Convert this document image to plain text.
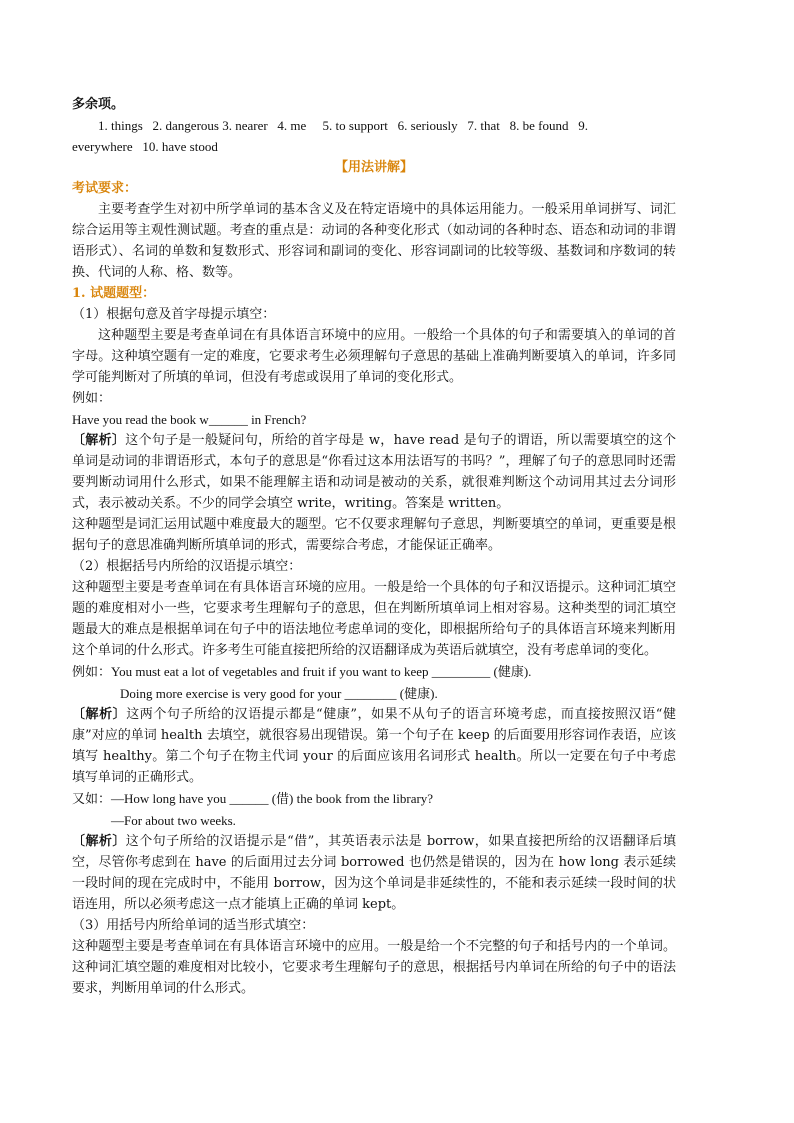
多余项。

1. things   2. dangerous 3. nearer   4. me     5. to support   6. seriously   7. that   8. be found   9.

everywhere   10. have stood

【用法讲解】

考试要求：

主要考查学生对初中所学单词的基本含义及在特定语境中的具体运用能力。一般采用单词拼写、词汇综合运用等主观性测试题。考查的重点是：动词的各种变化形式（如动词的各种时态、语态和动词的非谓语形式）、名词的单数和复数形式、形容词和副词的变化、形容词副词的比较等级、基数词和序数词的转换、代词的人称、格、数等。

1. 试题题型：

（1）根据句意及首字母提示填空：

这种题型主要是考查单词在有具体语言环境中的应用。一般给一个具体的句子和需要填入的单词的首字母。这种填空题有一定的难度，它要求考生必须理解句子意思的基础上准确判断要填入的单词，许多同学可能判断对了所填的单词，但没有考虑或误用了单词的变化形式。

例如：

Have you read the book w______ in French?

〔解析〕这个句子是一般疑问句，所给的首字母是 w，have read 是句子的谓语，所以需要填空的这个单词是动词的非谓语形式，本句子的意思是“你看过这本用法语写的书吗？”，理解了句子的意思同时还需要判断动词用什么形式，如果不能理解主语和动词是被动的关系，就很难判断这个动词用其过去分词形式，表示被动关系。不少的同学会填空 write，writing。答案是 written。

这种题型是词汇运用试题中难度最大的题型。它不仅要求理解句子意思，判断要填空的单词，更重要是根据句子的意思准确判断所填单词的形式，需要综合考虑，才能保证正确率。

（2）根据括号内所给的汉语提示填空：

这种题型主要是考查单词在有具体语言环境的应用。一般是给一个具体的句子和汉语提示。这种词汇填空题的难度相对小一些，它要求考生理解句子的意思，但在判断所填单词上相对容易。这种类型的词汇填空题最大的难点是根据单词在句子中的语法地位考虑单词的变化，即根据所给句子的具体语言环境来判断用这个单词的什么形式。许多考生可能直接把所给的汉语翻译成为英语后就填空，没有考虑单词的变化。

例如：You must eat a lot of vegetables and fruit if you want to keep _________ (健康).

Doing more exercise is very good for your ________ (健康).

〔解析〕这两个句子所给的汉语提示都是“健康”，如果不从句子的语言环境考虑，而直接按照汉语“健康”对应的单词 health 去填空，就很容易出现错误。第一个句子在 keep 的后面要用形容词作表语，应该填写 healthy。第二个句子在物主代词 your 的后面应该用名词形式 health。所以一定要在句子中考虑填写单词的正确形式。

又如：—How long have you ______ (借) the book from the library?

—For about two weeks.

〔解析〕这个句子所给的汉语提示是“借”，其英语表示法是 borrow，如果直接把所给的汉语翻译后填空，尽管你考虑到在 have 的后面用过去分词 borrowed 也仍然是错误的，因为在 how long 表示延续一段时间的现在完成时中，不能用 borrow，因为这个单词是非延续性的，不能和表示延续一段时间的状语连用，所以必须考虑这一点才能填上正确的单词 kept。

（3）用括号内所给单词的适当形式填空：

这种题型主要是考查单词在有具体语言环境中的应用。一般是给一个不完整的句子和括号内的一个单词。这种词汇填空题的难度相对比较小，它要求考生理解句子的意思，根据括号内单词在所给的句子中的语法要求，判断用单词的什么形式。
